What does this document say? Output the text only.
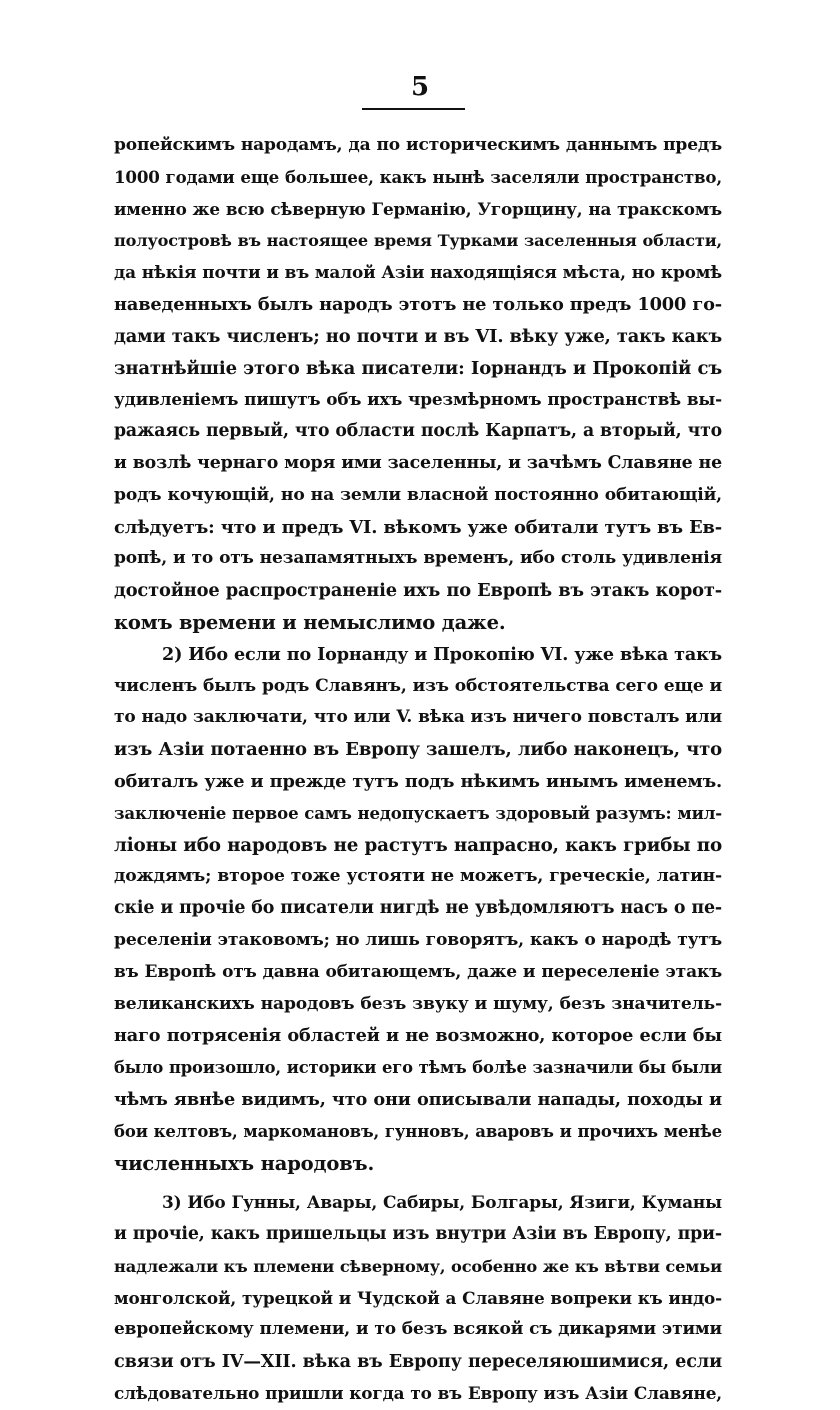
5
ропейскимъ народамъ, да по историческимъ даннымъ предъ
1000 годами еще большее, какъ нынѣ заселяли пространство,
именно же всю сѣверную Германію, Угорщину, на тракскомъ
полуостровѣ въ настоящее время Турками заселенныя области,
да нѣкія почти и въ малой Азіи находящіяся мѣста, но кромѣ
наведенныхъ былъ народъ этотъ не только предъ 1000 го-
дами такъ численъ; но почти и въ VI. вѣку уже, такъ какъ
знатнѣйшіе этого вѣка писатели: Іорнандъ и Прокопій съ
удивленіемъ пишутъ объ ихъ чрезмѣрномъ пространствѣ вы-
ражаясь первый, что области послѣ Карпатъ, а вторый, что
и возлѣ чернаго моря ими заселенны, и зачѣмъ Славяне не
родъ кочующій, но на земли власной постоянно обитающій,
слѣдуетъ: что и предъ VI. вѣкомъ уже обитали тутъ въ Ев-
ропѣ, и то отъ незапамятныхъ временъ, ибо столь удивленія
достойное распространеніе ихъ по Европѣ въ этакъ корот-
комъ времени и немыслимо даже.
2) Ибо если по Іорнанду и Прокопію VI. уже вѣка такъ
численъ былъ родъ Славянъ, изъ обстоятельства сего еще и
то надо заключати, что или V. вѣка изъ ничего повсталъ или
изъ Азіи потаенно въ Европу зашелъ, либо наконецъ, что
обиталъ уже и прежде тутъ подъ нѣкимъ инымъ именемъ.
заключеніе первое самъ недопускаетъ здоровый разумъ: мил-
ліоны ибо народовъ не растутъ напрасно, какъ грибы по
дождямъ; второе тоже устояти не можетъ, греческіе, латин-
скіе и прочіе бо писатели нигдѣ не увѣдомляютъ насъ о пе-
реселеніи этаковомъ; но лишь говорятъ, какъ о народѣ тутъ
въ Европѣ отъ давна обитающемъ, даже и переселеніе этакъ
великанскихъ народовъ безъ звуку и шуму, безъ значитель-
наго потрясенія областей и не возможно, которое если бы
было произошло, историки его тѣмъ болѣе зазначили бы были
чѣмъ явнѣе видимъ, что они описывали напады, походы и
бои келтовъ, маркомановъ, гунновъ, аваровъ и прочихъ менѣе
численныхъ народовъ.
3) Ибо Гунны, Авары, Сабиры, Болгары, Язиги, Куманы
и прочіе, какъ пришельцы изъ внутри Азіи въ Европу, при-
надлежали къ племени сѣверному, особенно же къ вѣтви семьи
монголской, турецкой и Чудской а Славяне вопреки къ индо-
европейскому племени, и то безъ всякой съ дикарями этими
связи отъ IV—XII. вѣка въ Европу переселяюшимися, если
слѣдовательно пришли когда то въ Европу изъ Азіи Славяне,
